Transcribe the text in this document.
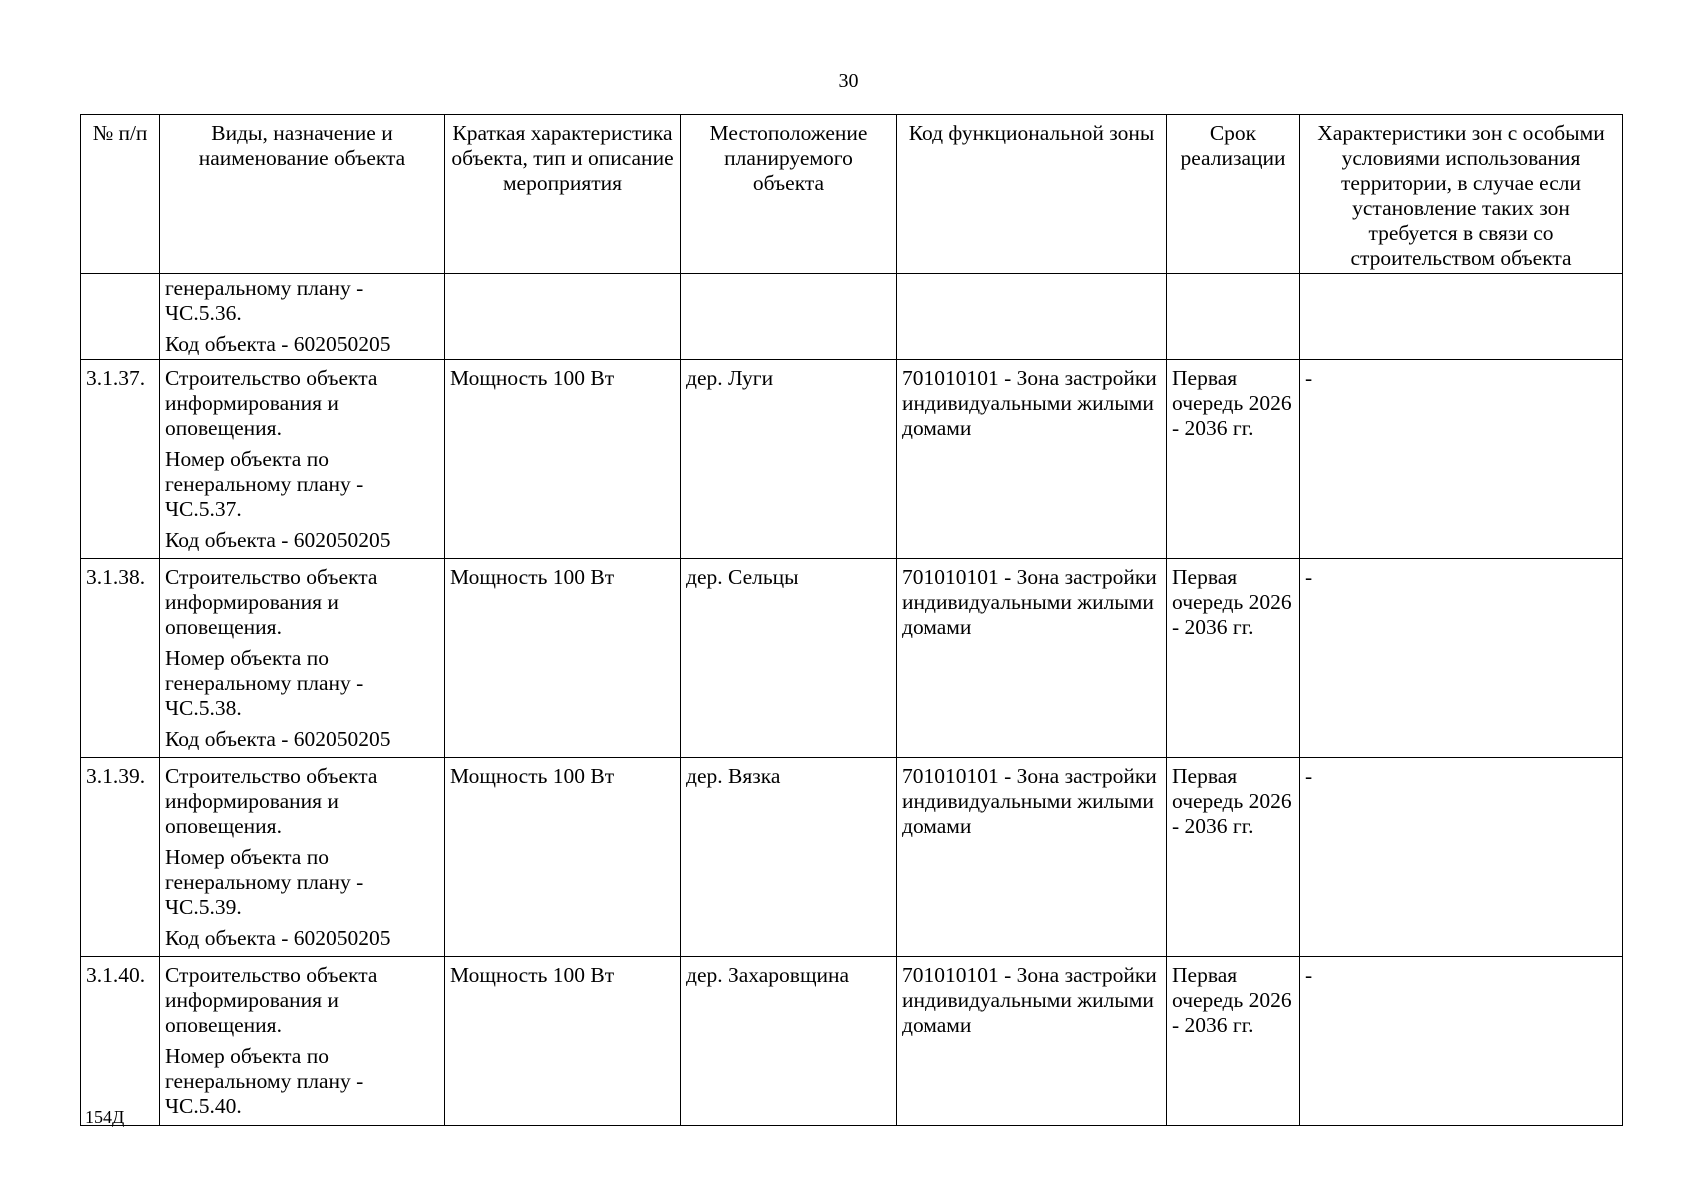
30
№ п/п	Виды, назначение и наименование объекта	Краткая характеристика объекта, тип и описание мероприятия	Местоположение планируемого объекта	Код функциональной зоны	Срок реализации	Характеристики зон с особыми условиями использования территории, в случае если установление таких зон требуется в связи со строительством объекта

	генеральному плану - ЧС.5.36.

Код объекта - 602050205					

3.1.37.	Строительство объекта информирования и оповещения.

Номер объекта по генеральному плану - ЧС.5.37.

Код объекта - 602050205	Мощность 100 Вт	дер. Луги	701010101 - Зона застройки индивидуальными жилыми домами	Первая очередь 2026 - 2036 гг.	-
3.1.38.	Строительство объекта информирования и оповещения.

Номер объекта по генеральному плану - ЧС.5.38.

Код объекта - 602050205	Мощность 100 Вт	дер. Сельцы	701010101 - Зона застройки индивидуальными жилыми домами	Первая очередь 2026 - 2036 гг.	-
3.1.39.	Строительство объекта информирования и оповещения.

Номер объекта по генеральному плану - ЧС.5.39.

Код объекта - 602050205	Мощность 100 Вт	дер. Вязка	701010101 - Зона застройки индивидуальными жилыми домами	Первая очередь 2026 - 2036 гг.	-
3.1.40.	Строительство объекта информирования и оповещения.

Номер объекта по генеральному плану - ЧС.5.40.	Мощность 100 Вт	дер. Захаровщина	701010101 - Зона застройки индивидуальными жилыми домами	Первая очередь 2026 - 2036 гг.	-
154Д
